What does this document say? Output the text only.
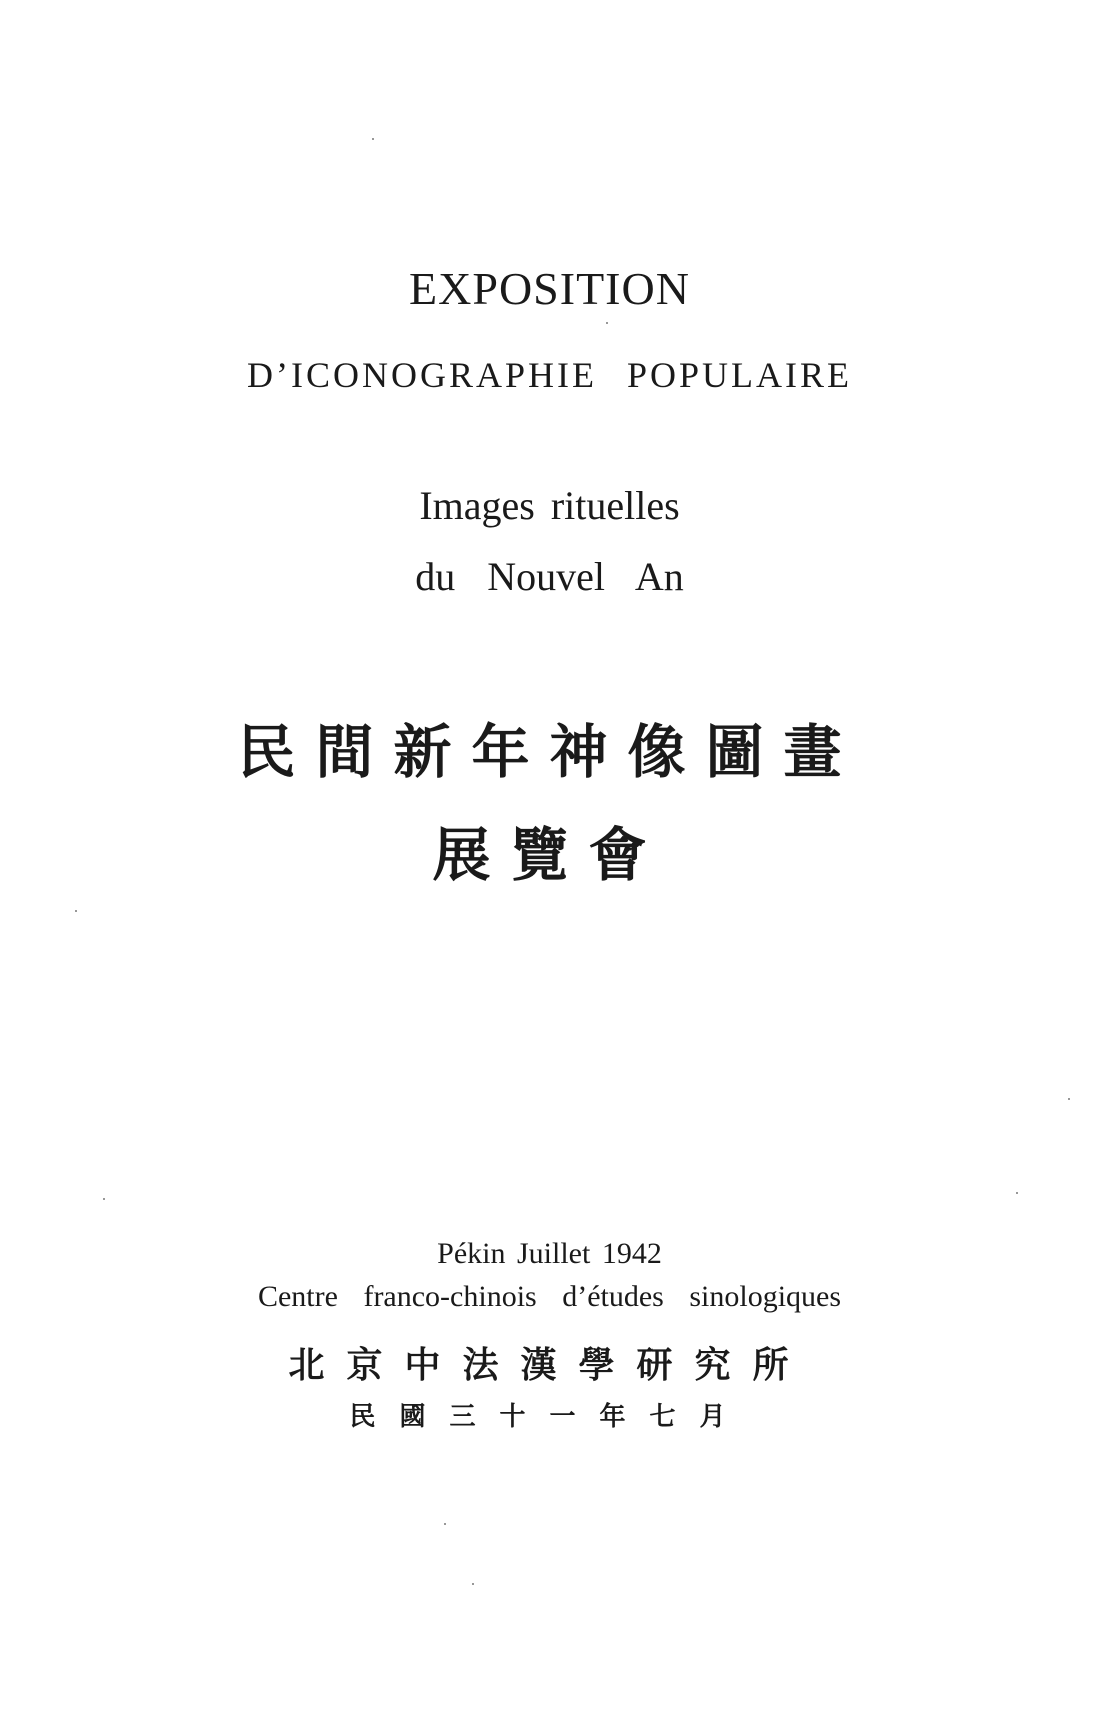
EXPOSITION
D’ICONOGRAPHIE POPULAIRE
Images rituelles
du Nouvel An
民間新年神像圖畫
展覽會
Pékin Juillet 1942
Centre franco-chinois d’études sinologiques
北京中法漢學研究所
民國三十一年七月
